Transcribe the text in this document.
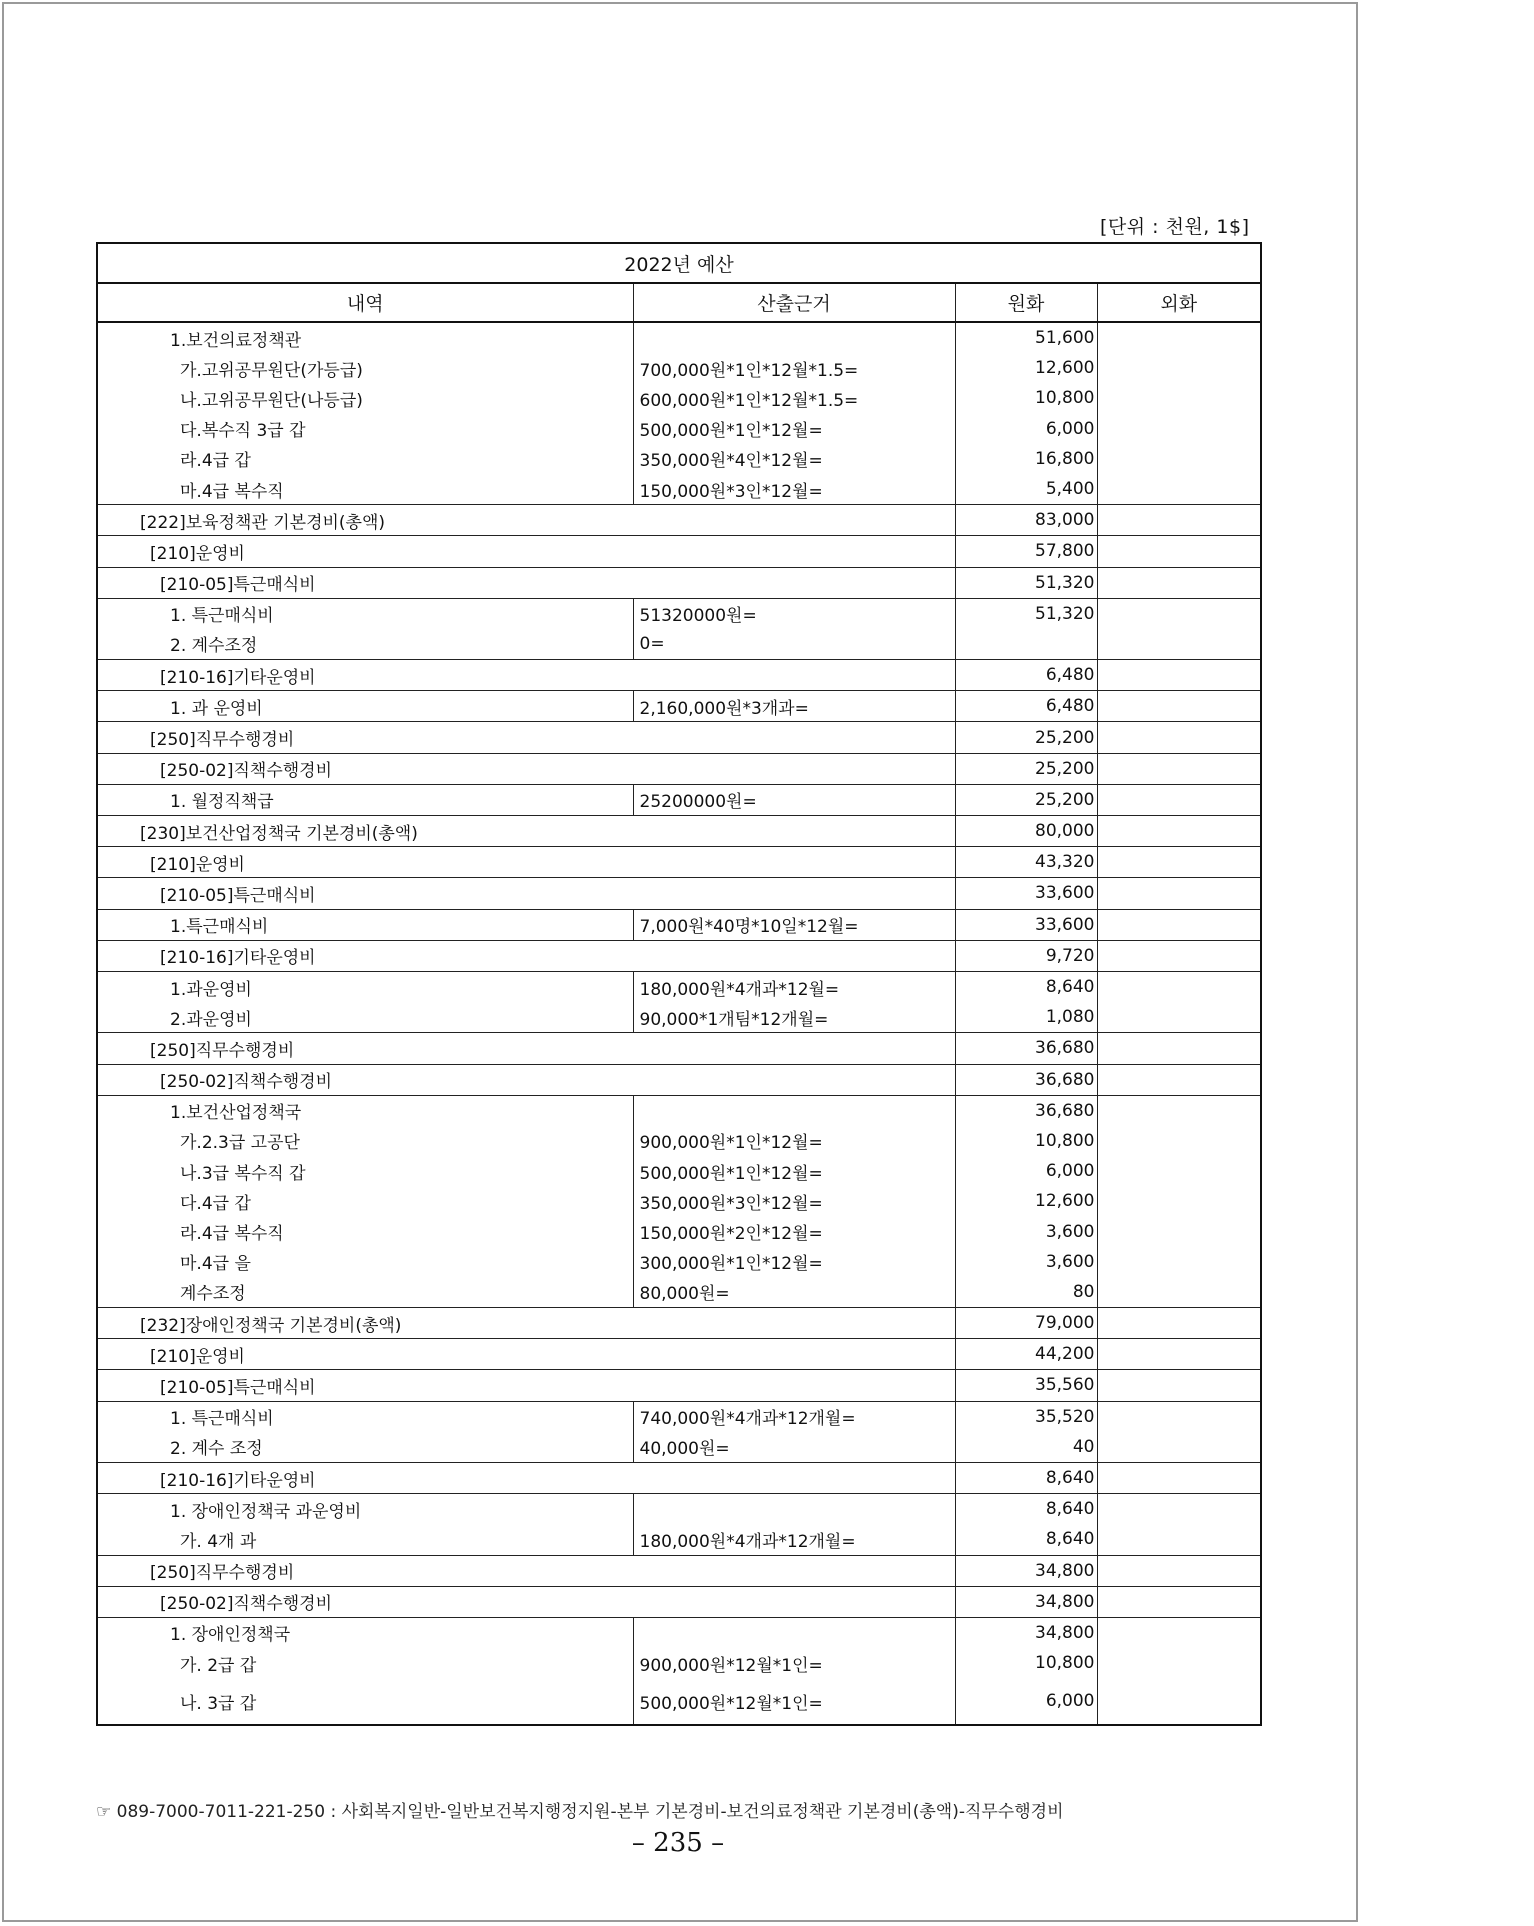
[단위 : 천원, 1$]
2022년 예산			
내역	산출근거	원화	외화
1.보건의료정책관		51,600	
가.고위공무원단(가등급)	700,000원*1인*12월*1.5=	12,600	
나.고위공무원단(나등급)	600,000원*1인*12월*1.5=	10,800	
다.복수직 3급 갑	500,000원*1인*12월=	6,000	
라.4급 갑	350,000원*4인*12월=	16,800	
마.4급 복수직	150,000원*3인*12월=	5,400	
[222]보육정책관 기본경비(총액)		83,000	
[210]운영비		57,800	
[210-05]특근매식비		51,320	
1. 특근매식비	51320000원=	51,320	
2. 계수조정	0=		
[210-16]기타운영비		6,480	
1. 과 운영비	2,160,000원*3개과=	6,480	
[250]직무수행경비		25,200	
[250-02]직책수행경비		25,200	
1. 월정직책급	25200000원=	25,200	
[230]보건산업정책국 기본경비(총액)		80,000	
[210]운영비		43,320	
[210-05]특근매식비		33,600	
1.특근매식비	7,000원*40명*10일*12월=	33,600	
[210-16]기타운영비		9,720	
1.과운영비	180,000원*4개과*12월=	8,640	
2.과운영비	90,000*1개팀*12개월=	1,080	
[250]직무수행경비		36,680	
[250-02]직책수행경비		36,680	
1.보건산업정책국		36,680	
가.2.3급 고공단	900,000원*1인*12월=	10,800	
나.3급 복수직 갑	500,000원*1인*12월=	6,000	
다.4급 갑	350,000원*3인*12월=	12,600	
라.4급 복수직	150,000원*2인*12월=	3,600	
마.4급 을	300,000원*1인*12월=	3,600	
계수조정	80,000원=	80	
[232]장애인정책국 기본경비(총액)		79,000	
[210]운영비		44,200	
[210-05]특근매식비		35,560	
1. 특근매식비	740,000원*4개과*12개월=	35,520	
2. 계수 조정	40,000원=	40	
[210-16]기타운영비		8,640	
1. 장애인정책국 과운영비		8,640	
가. 4개 과	180,000원*4개과*12개월=	8,640	
[250]직무수행경비		34,800	
[250-02]직책수행경비		34,800	
1. 장애인정책국		34,800	
가. 2급 갑	900,000원*12월*1인=	10,800	
나. 3급 갑	500,000원*12월*1인=	6,000	
☞ 089-7000-7011-221-250 : 사회복지일반-일반보건복지행정지원-본부 기본경비-보건의료정책관 기본경비(총액)-직무수행경비
– 235 –
